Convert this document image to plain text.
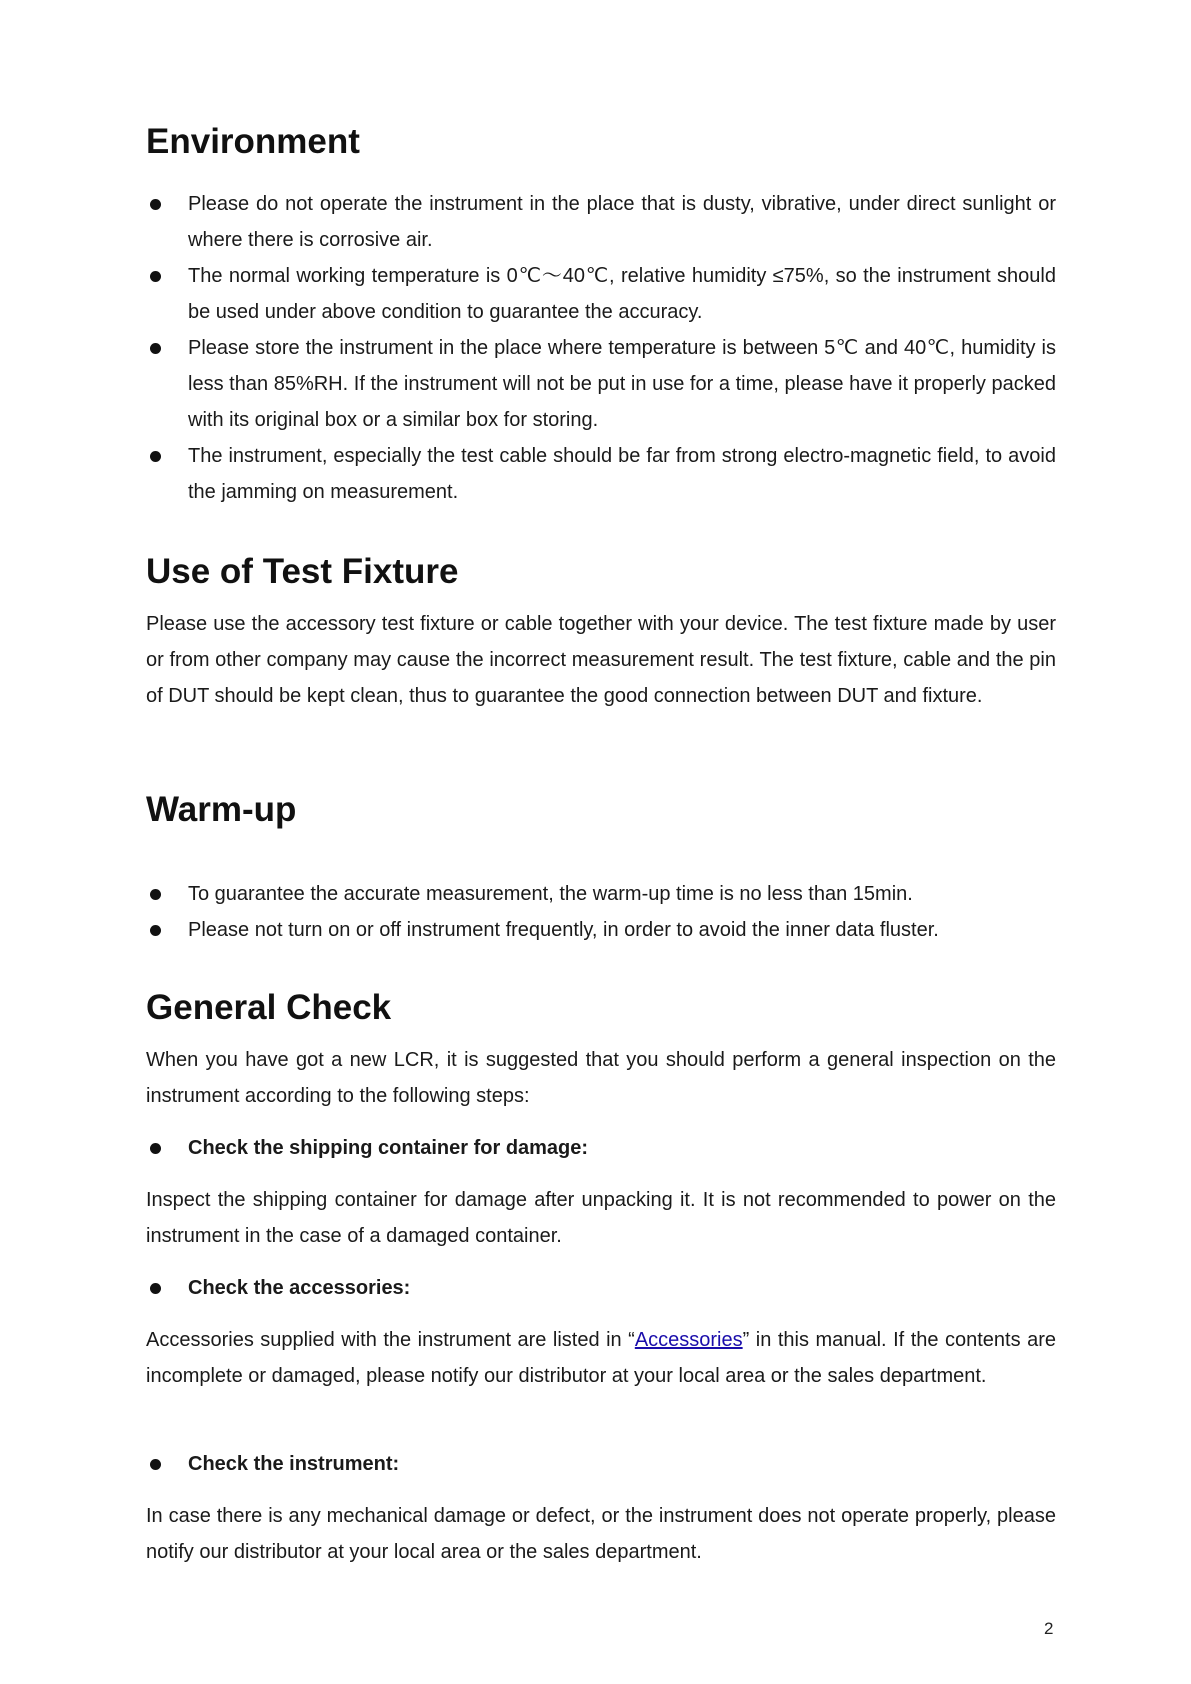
Environment
Please do not operate the instrument in the place that is dusty, vibrative, under direct sunlight or where there is corrosive air.
The normal working temperature is 0℃～40℃, relative humidity ≤75%, so the instrument should be used under above condition to guarantee the accuracy.
Please store the instrument in the place where temperature is between 5℃ and 40℃, humidity is less than 85%RH. If the instrument will not be put in use for a time, please have it properly packed with its original box or a similar box for storing.
The instrument, especially the test cable should be far from strong electro-magnetic field, to avoid the jamming on measurement.
Use of Test Fixture

Please use the accessory test fixture or cable together with your device. The test fixture made by user or from other company may cause the incorrect measurement result. The test fixture, cable and the pin of DUT should be kept clean, thus to guarantee the good connection between DUT and fixture.

Warm-up
To guarantee the accurate measurement, the warm-up time is no less than 15min.
Please not turn on or off instrument frequently, in order to avoid the inner data fluster.
General Check

When you have got a new LCR, it is suggested that you should perform a general inspection on the instrument according to the following steps:

Check the shipping container for damage:

Inspect the shipping container for damage after unpacking it. It is not recommended to power on the instrument in the case of a damaged container.

Check the accessories:

Accessories supplied with the instrument are listed in “Accessories” in this manual. If the contents are incomplete or damaged, please notify our distributor at your local area or the sales department.

Check the instrument:

In case there is any mechanical damage or defect, or the instrument does not operate properly, please notify our distributor at your local area or the sales department.

2
